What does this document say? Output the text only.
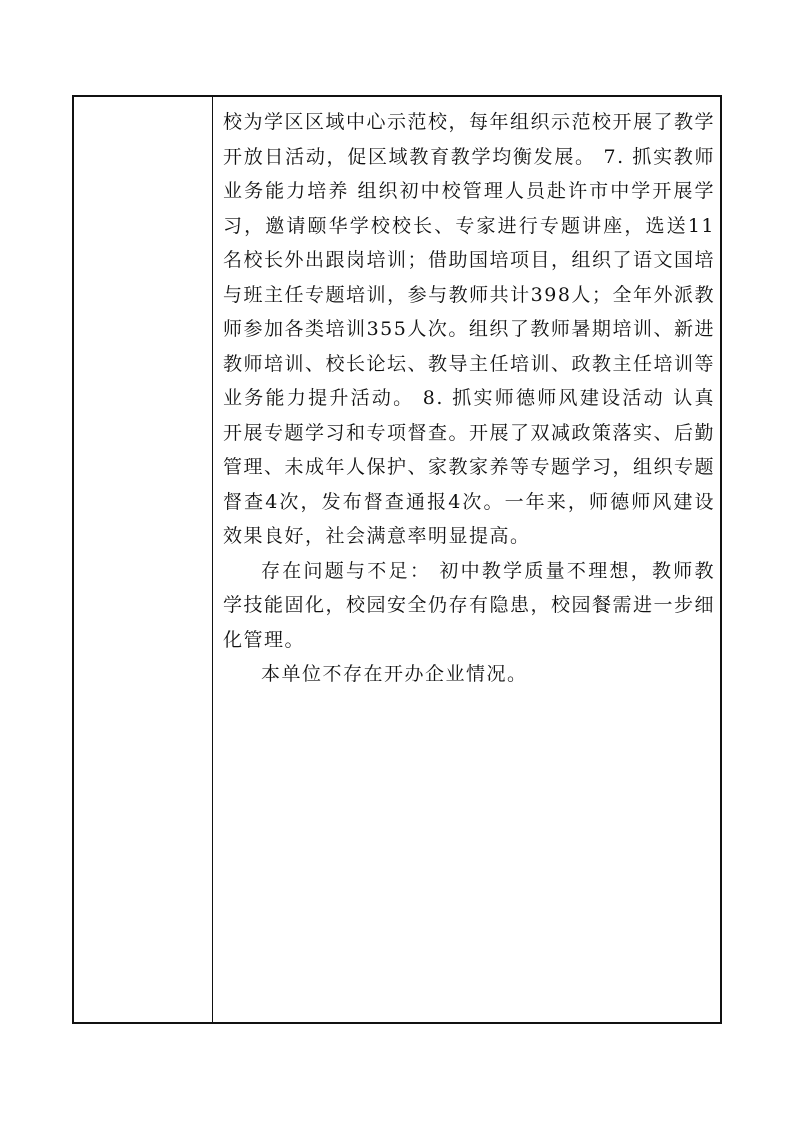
校为学区区域中心示范校，每年组织示范校开展了教学开放日活动，促区域教育教学均衡发展。 7. 抓实教师业务能力培养 组织初中校管理人员赴许市中学开展学习，邀请颐华学校校长、专家进行专题讲座，选送11名校长外出跟岗培训；借助国培项目，组织了语文国培与班主任专题培训，参与教师共计398人；全年外派教师参加各类培训355人次。组织了教师暑期培训、新进教师培训、校长论坛、教导主任培训、政教主任培训等业务能力提升活动。 8. 抓实师德师风建设活动 认真开展专题学习和专项督查。开展了双减政策落实、后勤管理、未成年人保护、家教家养等专题学习，组织专题督查4次，发布督查通报4次。一年来，师德师风建设效果良好，社会满意率明显提高。

存在问题与不足： 初中教学质量不理想，教师教学技能固化，校园安全仍存有隐患，校园餐需进一步细化管理。

本单位不存在开办企业情况。
